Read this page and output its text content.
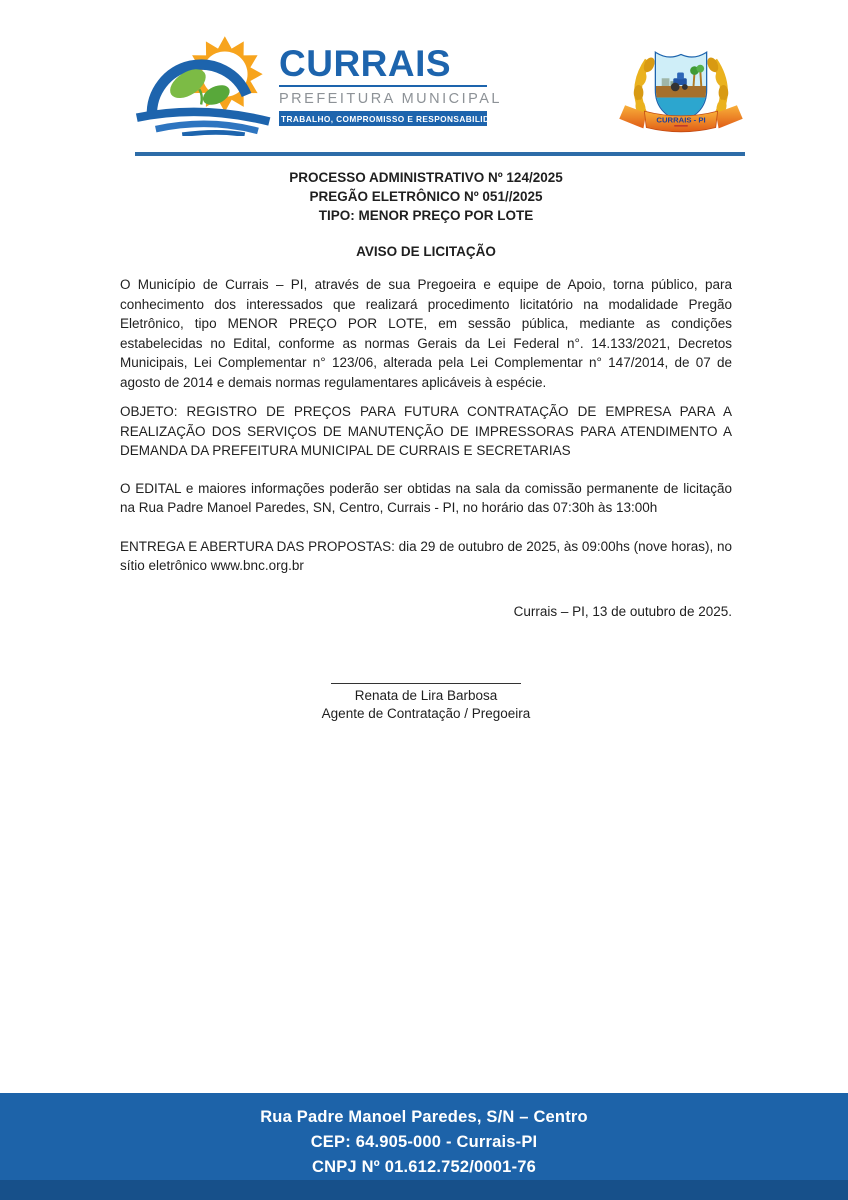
CURRAIS
PREFEITURA MUNICIPAL
TRABALHO, COMPROMISSO E RESPONSABILIDADE	CURRAIS - PI
PROCESSO ADMINISTRATIVO Nº 124/2025
PREGÃO ELETRÔNICO Nº 051//2025
TIPO: MENOR PREÇO POR LOTE
AVISO DE LICITAÇÃO

O Município de Currais – PI, através de sua Pregoeira e equipe de Apoio, torna público, para conhecimento dos interessados que realizará procedimento licitatório na modalidade Pregão Eletrônico, tipo MENOR PREÇO POR LOTE, em sessão pública, mediante as condições estabelecidas no Edital, conforme as normas Gerais da Lei Federal n°. 14.133/2021, Decretos Municipais, Lei Complementar n° 123/06, alterada pela Lei Complementar n° 147/2014, de 07 de agosto de 2014 e demais normas regulamentares aplicáveis à espécie.

OBJETO: REGISTRO DE PREÇOS PARA FUTURA CONTRATAÇÃO DE EMPRESA PARA A REALIZAÇÃO DOS SERVIÇOS DE MANUTENÇÃO DE IMPRESSORAS PARA ATENDIMENTO A DEMANDA DA PREFEITURA MUNICIPAL DE CURRAIS E SECRETARIAS

O EDITAL e maiores informações poderão ser obtidas na sala da comissão permanente de licitação na Rua Padre Manoel Paredes, SN, Centro, Currais - PI, no horário das 07:30h às 13:00h

ENTREGA E ABERTURA DAS PROPOSTAS: dia 29 de outubro de 2025, às 09:00hs (nove horas), no sítio eletrônico www.bnc.org.br

Currais – PI, 13 de outubro de 2025.
Renata de Lira Barbosa
Agente de Contratação / Pregoeira
Rua Padre Manoel Paredes, S/N – Centro
CEP: 64.905-000 - Currais-PI
CNPJ Nº 01.612.752/0001-76
